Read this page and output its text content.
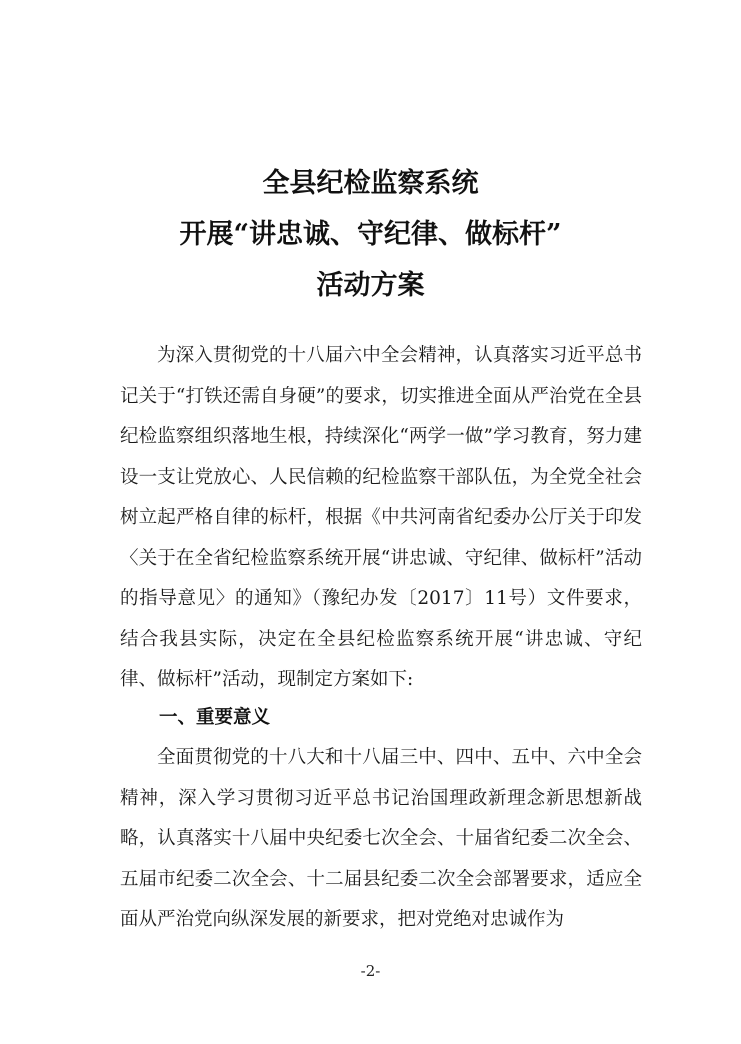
全县纪检监察系统
开展“讲忠诚、守纪律、做标杆”
活动方案

为深入贯彻党的十八届六中全会精神，认真落实习近平总书记关于“打铁还需自身硬”的要求，切实推进全面从严治党在全县纪检监察组织落地生根，持续深化“两学一做”学习教育，努力建设一支让党放心、人民信赖的纪检监察干部队伍，为全党全社会树立起严格自律的标杆，根据《中共河南省纪委办公厅关于印发〈关于在全省纪检监察系统开展“讲忠诚、守纪律、做标杆”活动的指导意见〉的通知》（豫纪办发〔2017〕11号）文件要求，结合我县实际，决定在全县纪检监察系统开展“讲忠诚、守纪律、做标杆”活动，现制定方案如下:

一、重要意义

全面贯彻党的十八大和十八届三中、四中、五中、六中全会精神，深入学习贯彻习近平总书记治国理政新理念新思想新战略，认真落实十八届中央纪委七次全会、十届省纪委二次全会、五届市纪委二次全会、十二届县纪委二次全会部署要求，适应全面从严治党向纵深发展的新要求，把对党绝对忠诚作为

-2-
